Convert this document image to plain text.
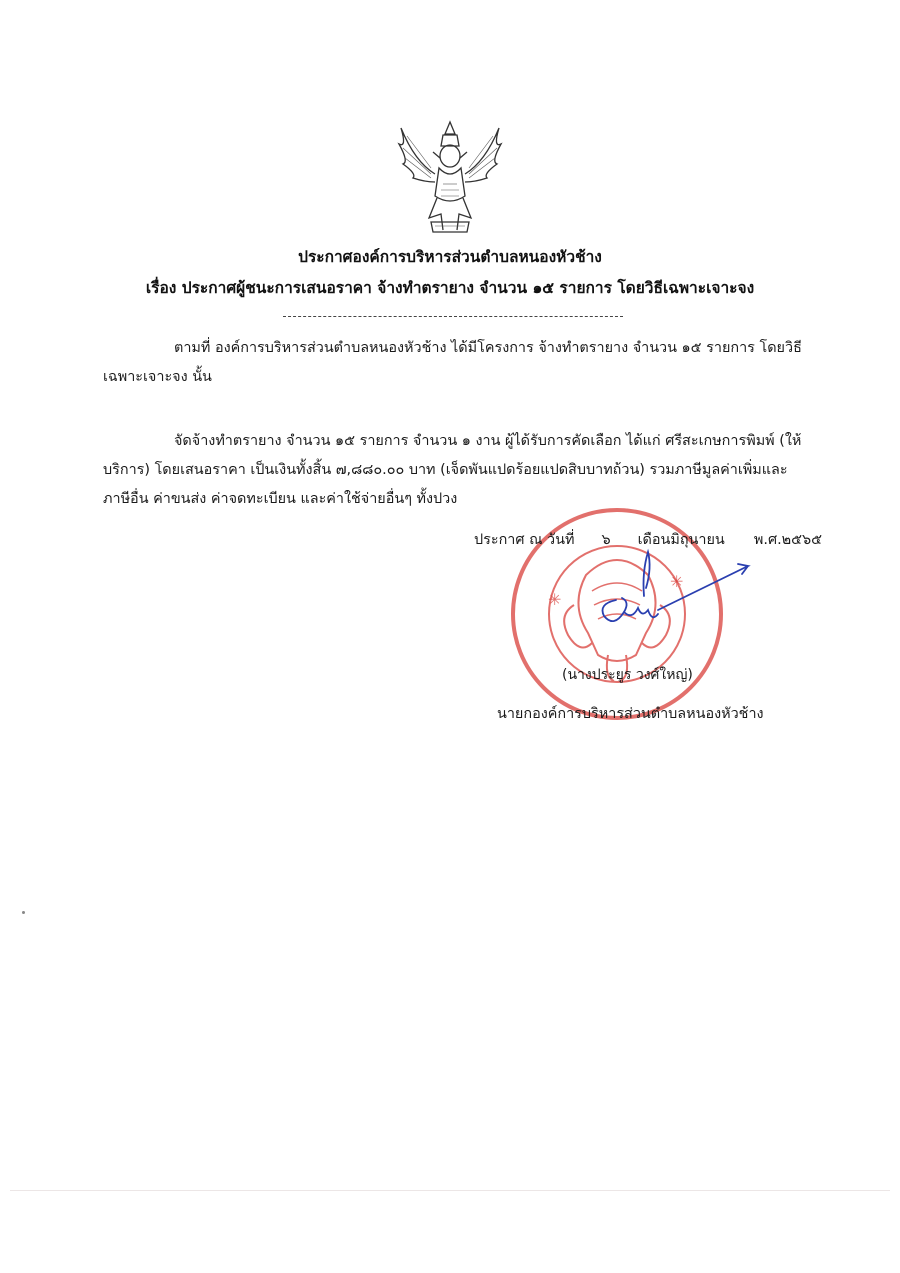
ประกาศองค์การบริหารส่วนตำบลหนองหัวช้าง
เรื่อง ประกาศผู้ชนะการเสนอราคา จ้างทำตรายาง จำนวน ๑๕ รายการ โดยวิธีเฉพาะเจาะจง
ตามที่ องค์การบริหารส่วนตำบลหนองหัวช้าง ได้มีโครงการ จ้างทำตรายาง จำนวน ๑๕ รายการ โดยวิธีเฉพาะเจาะจง นั้น
จัดจ้างทำตรายาง จำนวน ๑๕ รายการ จำนวน ๑ งาน ผู้ได้รับการคัดเลือก ได้แก่ ศรีสะเกษการพิมพ์ (ให้บริการ) โดยเสนอราคา เป็นเงินทั้งสิ้น ๗,๘๘๐.๐๐ บาท (เจ็ดพันแปดร้อยแปดสิบบาทถ้วน) รวมภาษีมูลค่าเพิ่มและภาษีอื่น ค่าขนส่ง ค่าจดทะเบียน และค่าใช้จ่ายอื่นๆ ทั้งปวง
✳
✳
ประกาศ ณ วันที่ ๖ เดือนมิถุนายน พ.ศ.๒๕๖๕
(นางประยูร วงศ์ใหญ่)
นายกองค์การบริหารส่วนตำบลหนองหัวช้าง
